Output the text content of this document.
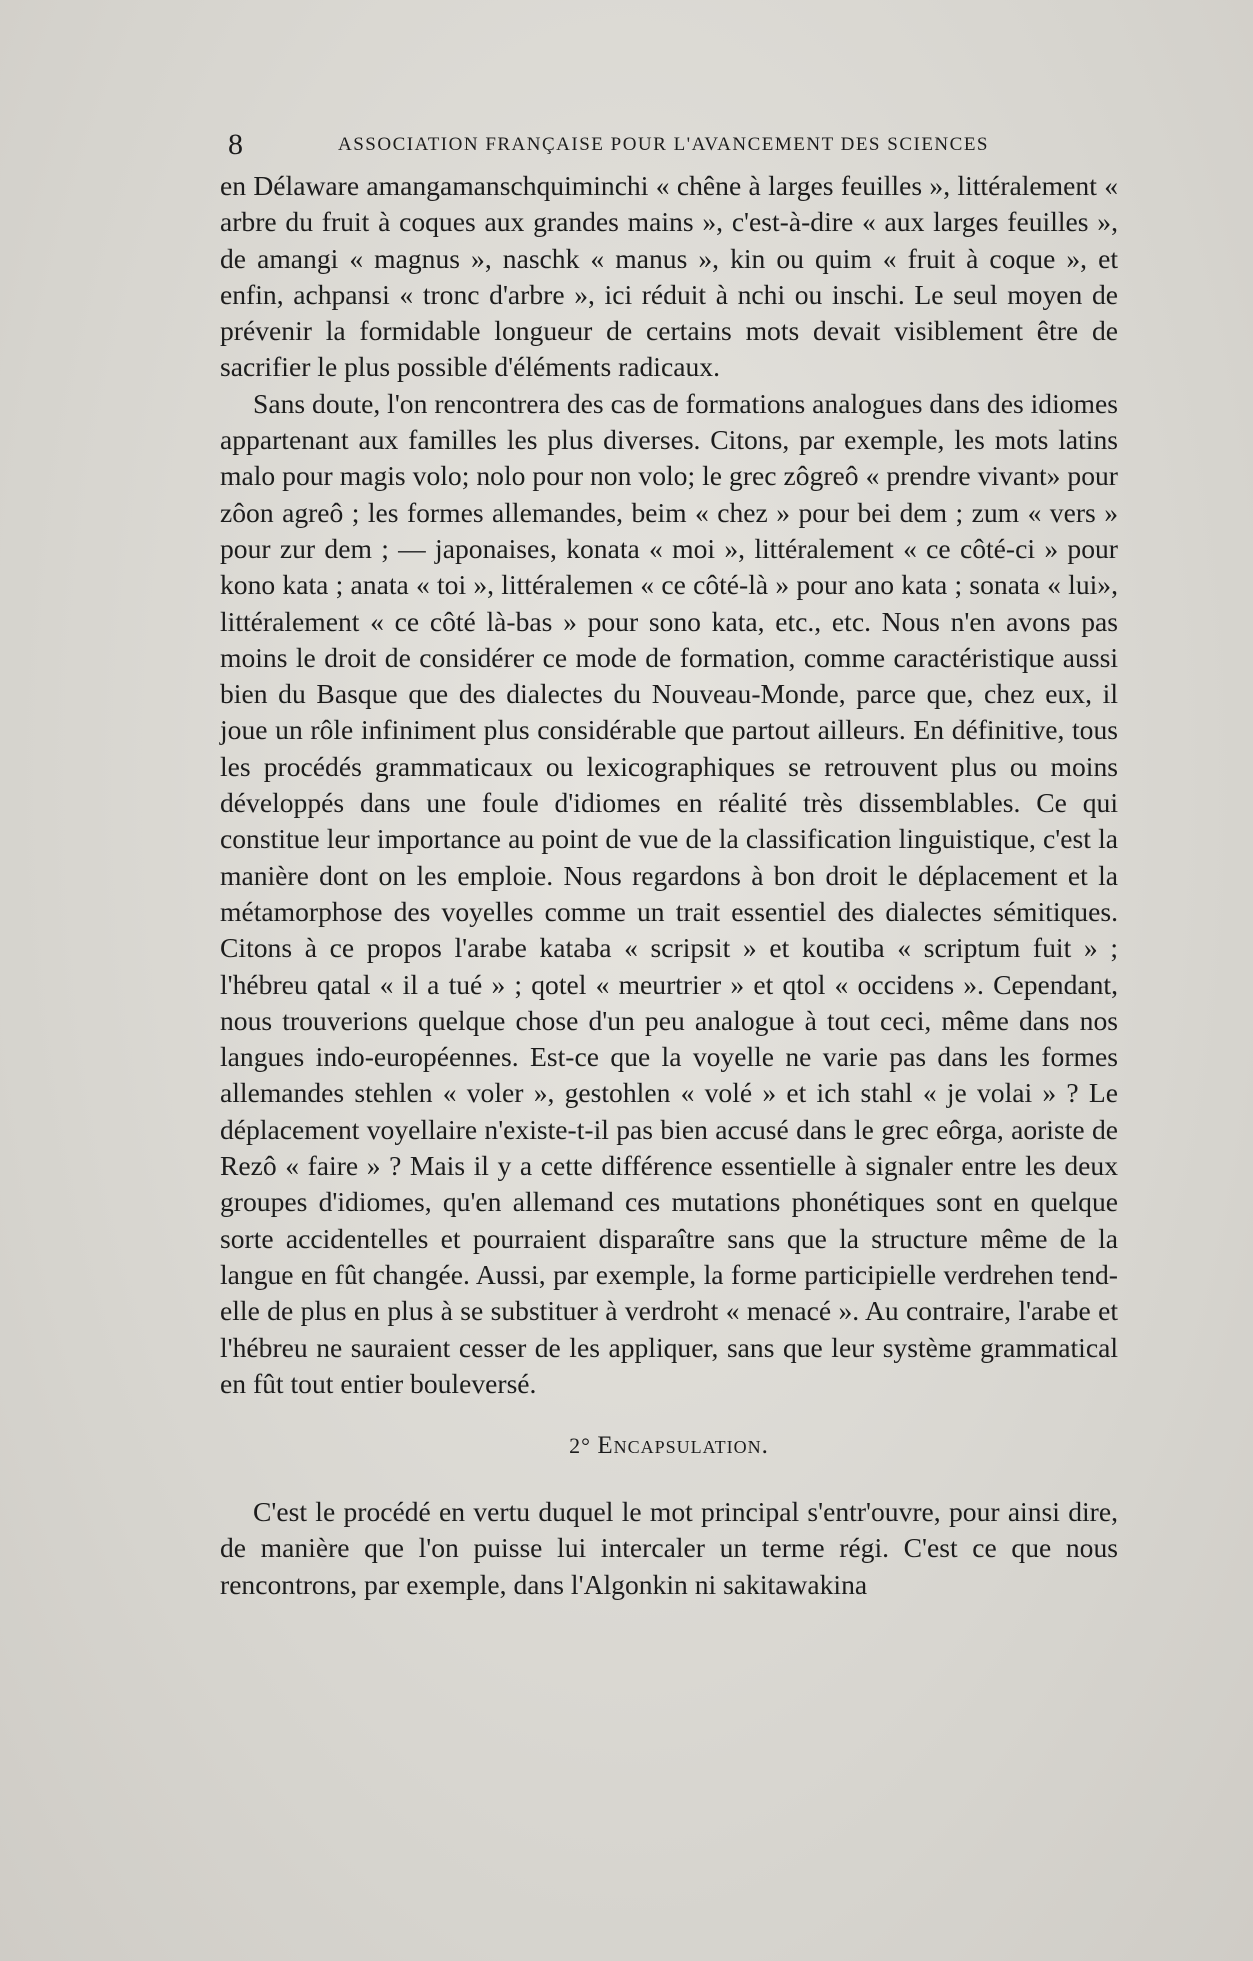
8	ASSOCIATION FRANÇAISE POUR L'AVANCEMENT DES SCIENCES

en Délaware amangamanschquiminchi « chêne à larges feuilles », littéralement « arbre du fruit à coques aux grandes mains », c'est-à-dire « aux larges feuilles », de amangi « magnus », naschk « manus », kin ou quim « fruit à coque », et enfin, achpansi « tronc d'arbre », ici réduit à nchi ou inschi. Le seul moyen de prévenir la formidable longueur de certains mots devait visiblement être de sacrifier le plus possible d'éléments radicaux.

Sans doute, l'on rencontrera des cas de formations analogues dans des idiomes appartenant aux familles les plus diverses. Citons, par exemple, les mots latins malo pour magis volo; nolo pour non volo; le grec zôgreô « prendre vivant» pour zôon agreô ; les formes allemandes, beim « chez » pour bei dem ; zum « vers » pour zur dem ; — japonaises, konata « moi », littéralement « ce côté-ci » pour kono kata ; anata « toi », littéralemen « ce côté-là » pour ano kata ; sonata « lui», littéralement « ce côté là-bas » pour sono kata, etc., etc. Nous n'en avons pas moins le droit de considérer ce mode de formation, comme caractéristique aussi bien du Basque que des dialectes du Nouveau-Monde, parce que, chez eux, il joue un rôle infiniment plus considérable que partout ailleurs. En définitive, tous les procédés grammaticaux ou lexicographiques se retrouvent plus ou moins développés dans une foule d'idiomes en réalité très dissemblables. Ce qui constitue leur importance au point de vue de la classification linguistique, c'est la manière dont on les emploie. Nous regardons à bon droit le déplacement et la métamorphose des voyelles comme un trait essentiel des dialectes sémitiques. Citons à ce propos l'arabe kataba « scripsit » et koutiba « scriptum fuit » ; l'hébreu qatal « il a tué » ; qotel « meurtrier » et qtol « occidens ». Cependant, nous trouverions quelque chose d'un peu analogue à tout ceci, même dans nos langues indo-européennes. Est-ce que la voyelle ne varie pas dans les formes allemandes stehlen « voler », gestohlen « volé » et ich stahl « je volai » ? Le déplacement voyellaire n'existe-t-il pas bien accusé dans le grec eôrga, aoriste de Rezô « faire » ? Mais il y a cette différence essentielle à signaler entre les deux groupes d'idiomes, qu'en allemand ces mutations phonétiques sont en quelque sorte accidentelles et pourraient disparaître sans que la structure même de la langue en fût changée. Aussi, par exemple, la forme participielle verdrehen tend-elle de plus en plus à se substituer à verdroht « menacé ». Au contraire, l'arabe et l'hébreu ne sauraient cesser de les appliquer, sans que leur système grammatical en fût tout entier bouleversé.

2° Encapsulation.

C'est le procédé en vertu duquel le mot principal s'entr'ouvre, pour ainsi dire, de manière que l'on puisse lui intercaler un terme régi. C'est ce que nous rencontrons, par exemple, dans l'Algonkin ni sakitawakina
